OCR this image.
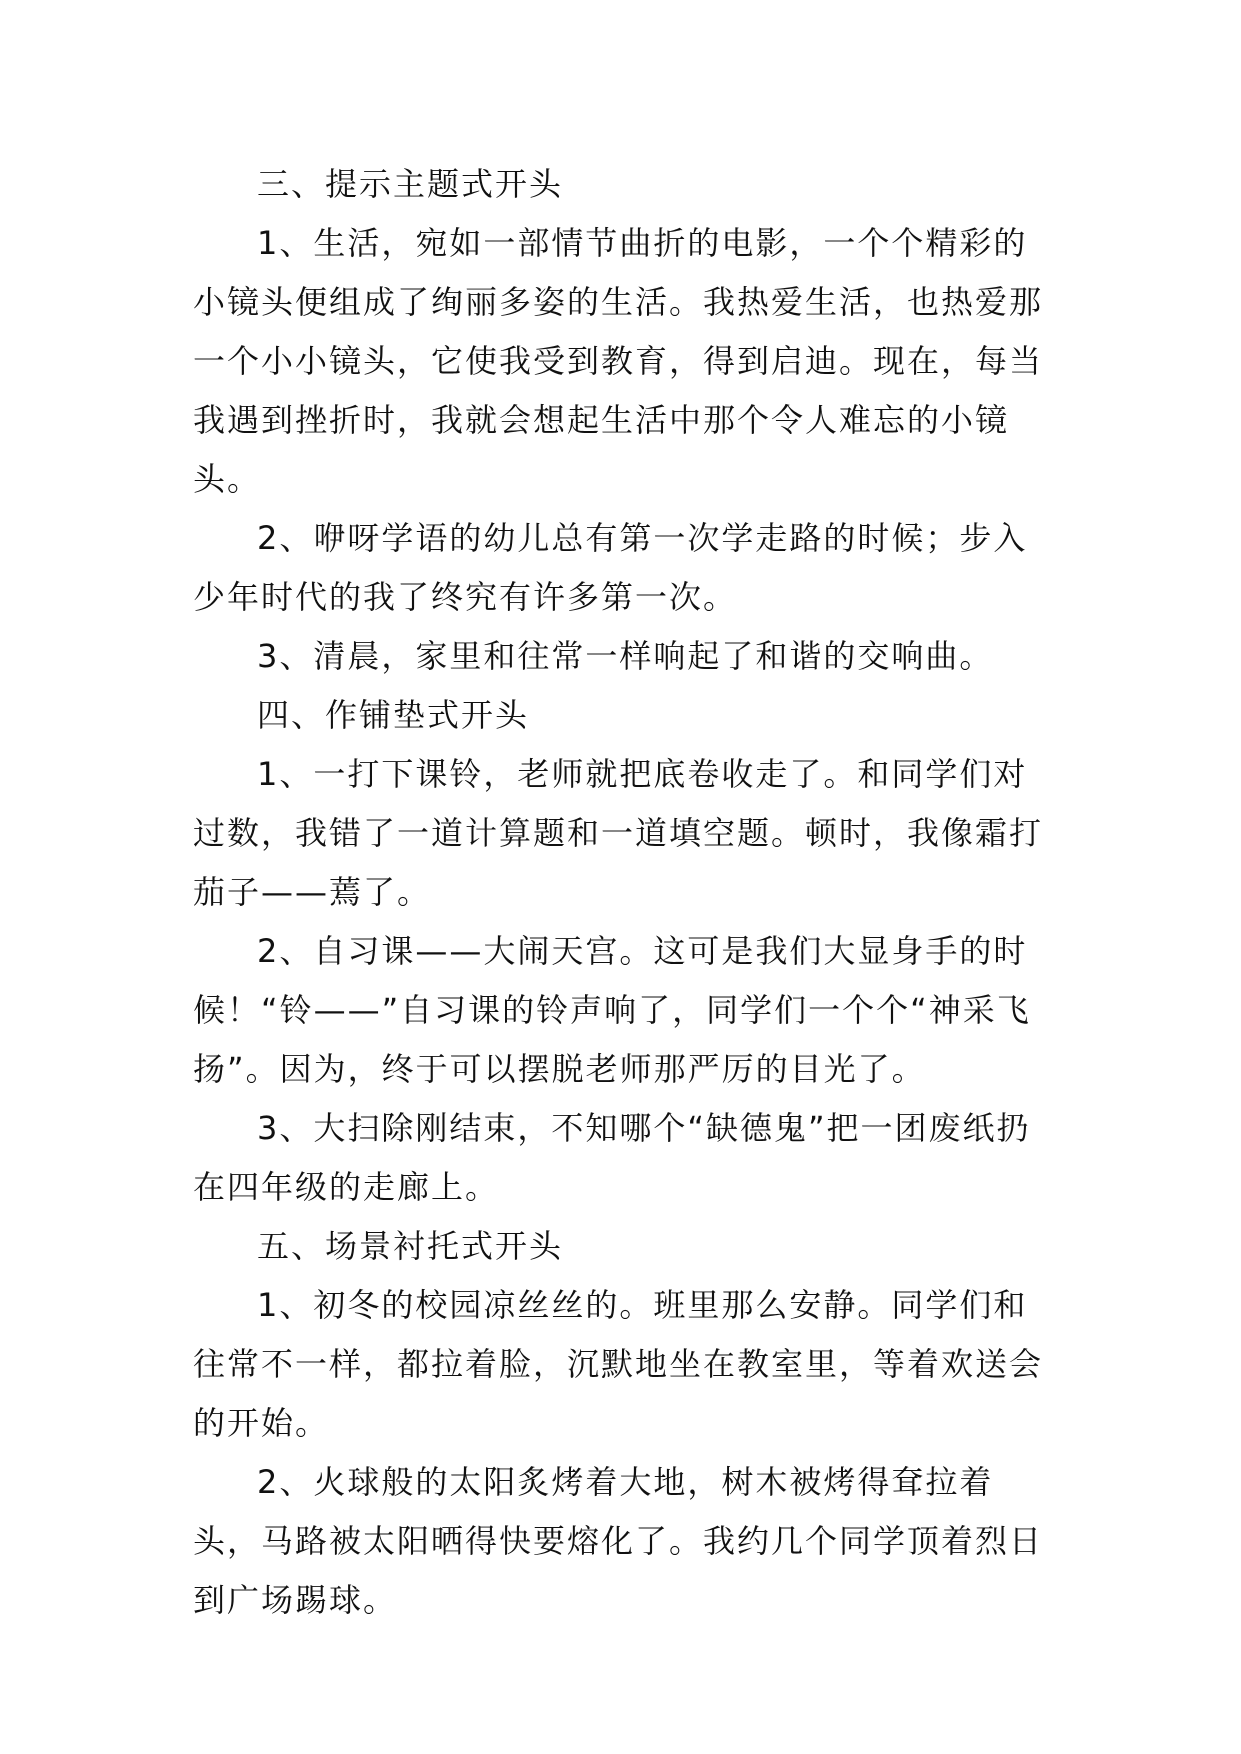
三、提示主题式开头

1、生活，宛如一部情节曲折的电影，一个个精彩的小镜头便组成了绚丽多姿的生活。我热爱生活，也热爱那一个小小镜头，它使我受到教育，得到启迪。现在，每当我遇到挫折时，我就会想起生活中那个令人难忘的小镜头。

2、咿呀学语的幼儿总有第一次学走路的时候；步入少年时代的我了终究有许多第一次。

3、清晨，家里和往常一样响起了和谐的交响曲。

四、作铺垫式开头

1、一打下课铃，老师就把底卷收走了。和同学们对过数，我错了一道计算题和一道填空题。顿时，我像霜打茄子——蔫了。

2、自习课——大闹天宫。这可是我们大显身手的时候！“铃——”自习课的铃声响了，同学们一个个“神采飞扬”。因为，终于可以摆脱老师那严厉的目光了。

3、大扫除刚结束，不知哪个“缺德鬼”把一团废纸扔在四年级的走廊上。

五、场景衬托式开头

1、初冬的校园凉丝丝的。班里那么安静。同学们和往常不一样，都拉着脸，沉默地坐在教室里，等着欢送会的开始。

2、火球般的太阳炙烤着大地，树木被烤得耷拉着头，马路被太阳晒得快要熔化了。我约几个同学顶着烈日到广场踢球。
